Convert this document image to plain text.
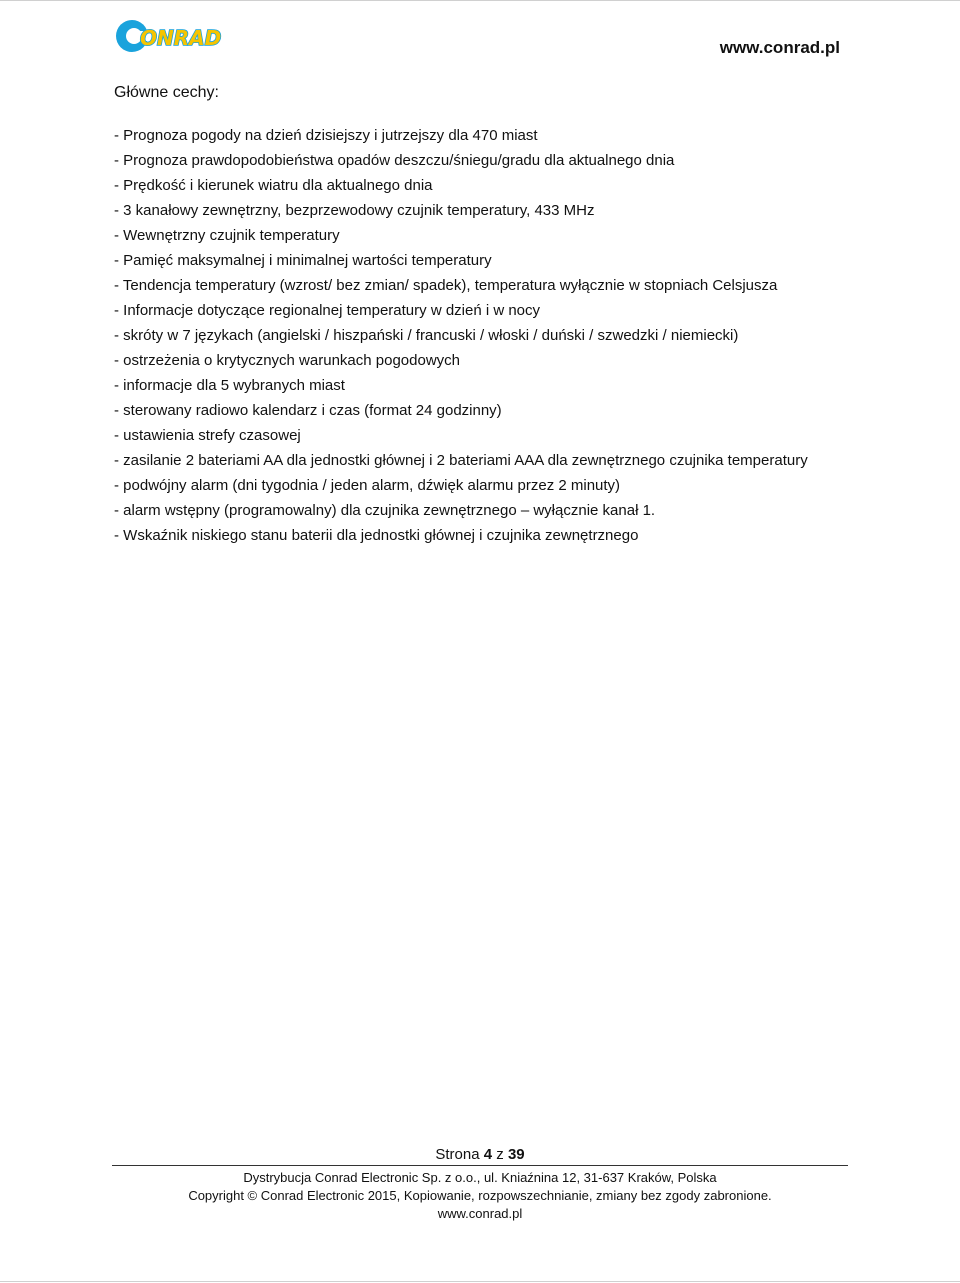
ONRAD	www.conrad.pl
Główne cechy:
- Prognoza pogody na dzień dzisiejszy i jutrzejszy dla 470 miast
- Prognoza prawdopodobieństwa opadów deszczu/śniegu/gradu dla aktualnego dnia
- Prędkość i kierunek wiatru dla aktualnego dnia
- 3 kanałowy zewnętrzny, bezprzewodowy czujnik temperatury, 433 MHz
- Wewnętrzny czujnik temperatury
- Pamięć maksymalnej i minimalnej wartości temperatury
- Tendencja temperatury (wzrost/ bez zmian/ spadek), temperatura wyłącznie w stopniach Celsjusza
- Informacje dotyczące regionalnej temperatury w dzień i w nocy
- skróty w 7 językach (angielski / hiszpański / francuski / włoski / duński / szwedzki / niemiecki)
- ostrzeżenia o krytycznych warunkach pogodowych
- informacje dla 5 wybranych miast
- sterowany radiowo kalendarz i czas (format 24 godzinny)
- ustawienia strefy czasowej
- zasilanie 2 bateriami AA dla jednostki głównej i 2 bateriami AAA dla zewnętrznego czujnika temperatury
- podwójny alarm (dni tygodnia / jeden alarm, dźwięk alarmu przez 2 minuty)
- alarm wstępny (programowalny) dla czujnika zewnętrznego – wyłącznie kanał 1.
- Wskaźnik niskiego stanu baterii dla jednostki głównej i czujnika zewnętrznego
Strona 4 z 39
Dystrybucja Conrad Electronic Sp. z o.o., ul. Kniaźnina 12, 31-637 Kraków, Polska
Copyright © Conrad Electronic 2015, Kopiowanie, rozpowszechnianie, zmiany bez zgody zabronione.
www.conrad.pl
